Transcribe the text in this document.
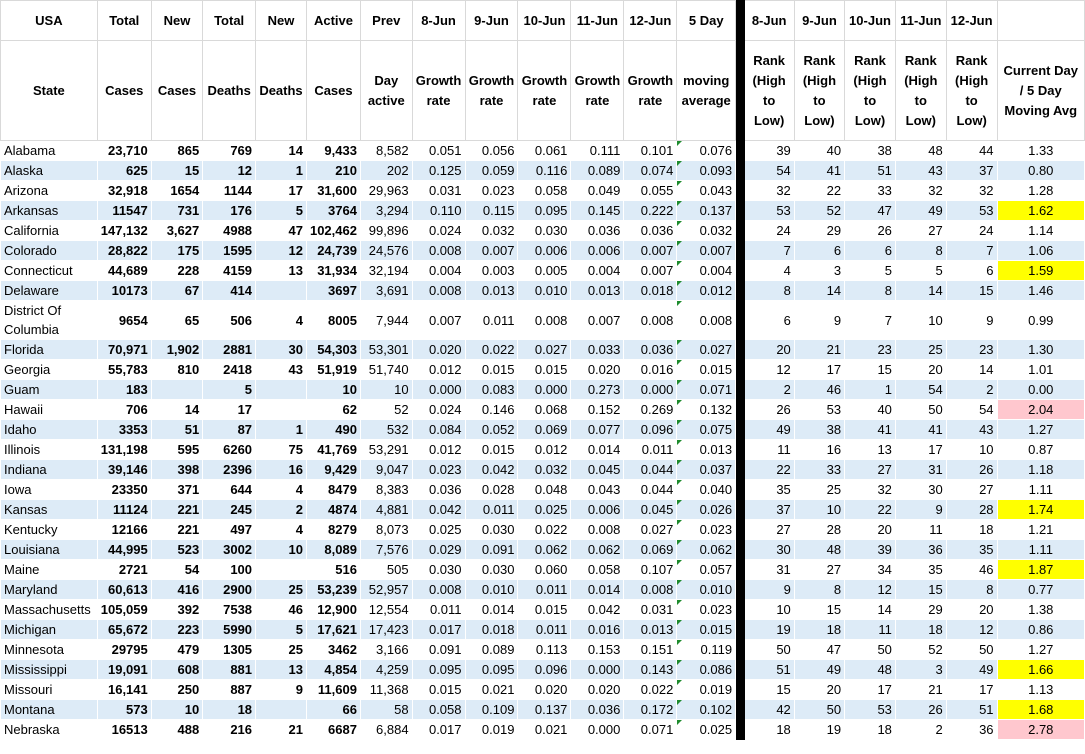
USA	Total	New	Total	New	Active	Prev	8-Jun	9-Jun	10-Jun	11-Jun	12-Jun	5 Day		8-Jun	9-Jun	10-Jun	11-Jun	12-Jun	
State	Cases	Cases	Deaths	Deaths	Cases	Day active	Growth rate	Growth rate	Growth rate	Growth rate	Growth rate	moving average		Rank (High to Low)	Rank (High to Low)	Rank (High to Low)	Rank (High to Low)	Rank (High to Low)	Current Day / 5 Day Moving Avg
Alabama	23,710	865	769	14	9,433	8,582	0.051	0.056	0.061	0.111	0.101	0.076		39	40	38	48	44	1.33
Alaska	625	15	12	1	210	202	0.125	0.059	0.116	0.089	0.074	0.093		54	41	51	43	37	0.80
Arizona	32,918	1654	1144	17	31,600	29,963	0.031	0.023	0.058	0.049	0.055	0.043		32	22	33	32	32	1.28
Arkansas	11547	731	176	5	3764	3,294	0.110	0.115	0.095	0.145	0.222	0.137		53	52	47	49	53	1.62
California	147,132	3,627	4988	47	102,462	99,896	0.024	0.032	0.030	0.036	0.036	0.032		24	29	26	27	24	1.14
Colorado	28,822	175	1595	12	24,739	24,576	0.008	0.007	0.006	0.006	0.007	0.007		7	6	6	8	7	1.06
Connecticut	44,689	228	4159	13	31,934	32,194	0.004	0.003	0.005	0.004	0.007	0.004		4	3	5	5	6	1.59
Delaware	10173	67	414		3697	3,691	0.008	0.013	0.010	0.013	0.018	0.012		8	14	8	14	15	1.46
District Of Columbia	9654	65	506	4	8005	7,944	0.007	0.011	0.008	0.007	0.008	0.008		6	9	7	10	9	0.99
Florida	70,971	1,902	2881	30	54,303	53,301	0.020	0.022	0.027	0.033	0.036	0.027		20	21	23	25	23	1.30
Georgia	55,783	810	2418	43	51,919	51,740	0.012	0.015	0.015	0.020	0.016	0.015		12	17	15	20	14	1.01
Guam	183		5		10	10	0.000	0.083	0.000	0.273	0.000	0.071		2	46	1	54	2	0.00
Hawaii	706	14	17		62	52	0.024	0.146	0.068	0.152	0.269	0.132		26	53	40	50	54	2.04
Idaho	3353	51	87	1	490	532	0.084	0.052	0.069	0.077	0.096	0.075		49	38	41	41	43	1.27
Illinois	131,198	595	6260	75	41,769	53,291	0.012	0.015	0.012	0.014	0.011	0.013		11	16	13	17	10	0.87
Indiana	39,146	398	2396	16	9,429	9,047	0.023	0.042	0.032	0.045	0.044	0.037		22	33	27	31	26	1.18
Iowa	23350	371	644	4	8479	8,383	0.036	0.028	0.048	0.043	0.044	0.040		35	25	32	30	27	1.11
Kansas	11124	221	245	2	4874	4,881	0.042	0.011	0.025	0.006	0.045	0.026		37	10	22	9	28	1.74
Kentucky	12166	221	497	4	8279	8,073	0.025	0.030	0.022	0.008	0.027	0.023		27	28	20	11	18	1.21
Louisiana	44,995	523	3002	10	8,089	7,576	0.029	0.091	0.062	0.062	0.069	0.062		30	48	39	36	35	1.11
Maine	2721	54	100		516	505	0.030	0.030	0.060	0.058	0.107	0.057		31	27	34	35	46	1.87
Maryland	60,613	416	2900	25	53,239	52,957	0.008	0.010	0.011	0.014	0.008	0.010		9	8	12	15	8	0.77
Massachusetts	105,059	392	7538	46	12,900	12,554	0.011	0.014	0.015	0.042	0.031	0.023		10	15	14	29	20	1.38
Michigan	65,672	223	5990	5	17,621	17,423	0.017	0.018	0.011	0.016	0.013	0.015		19	18	11	18	12	0.86
Minnesota	29795	479	1305	25	3462	3,166	0.091	0.089	0.113	0.153	0.151	0.119		50	47	50	52	50	1.27
Mississippi	19,091	608	881	13	4,854	4,259	0.095	0.095	0.096	0.000	0.143	0.086		51	49	48	3	49	1.66
Missouri	16,141	250	887	9	11,609	11,368	0.015	0.021	0.020	0.020	0.022	0.019		15	20	17	21	17	1.13
Montana	573	10	18		66	58	0.058	0.109	0.137	0.036	0.172	0.102		42	50	53	26	51	1.68
Nebraska	16513	488	216	21	6687	6,884	0.017	0.019	0.021	0.000	0.071	0.025		18	19	18	2	36	2.78
